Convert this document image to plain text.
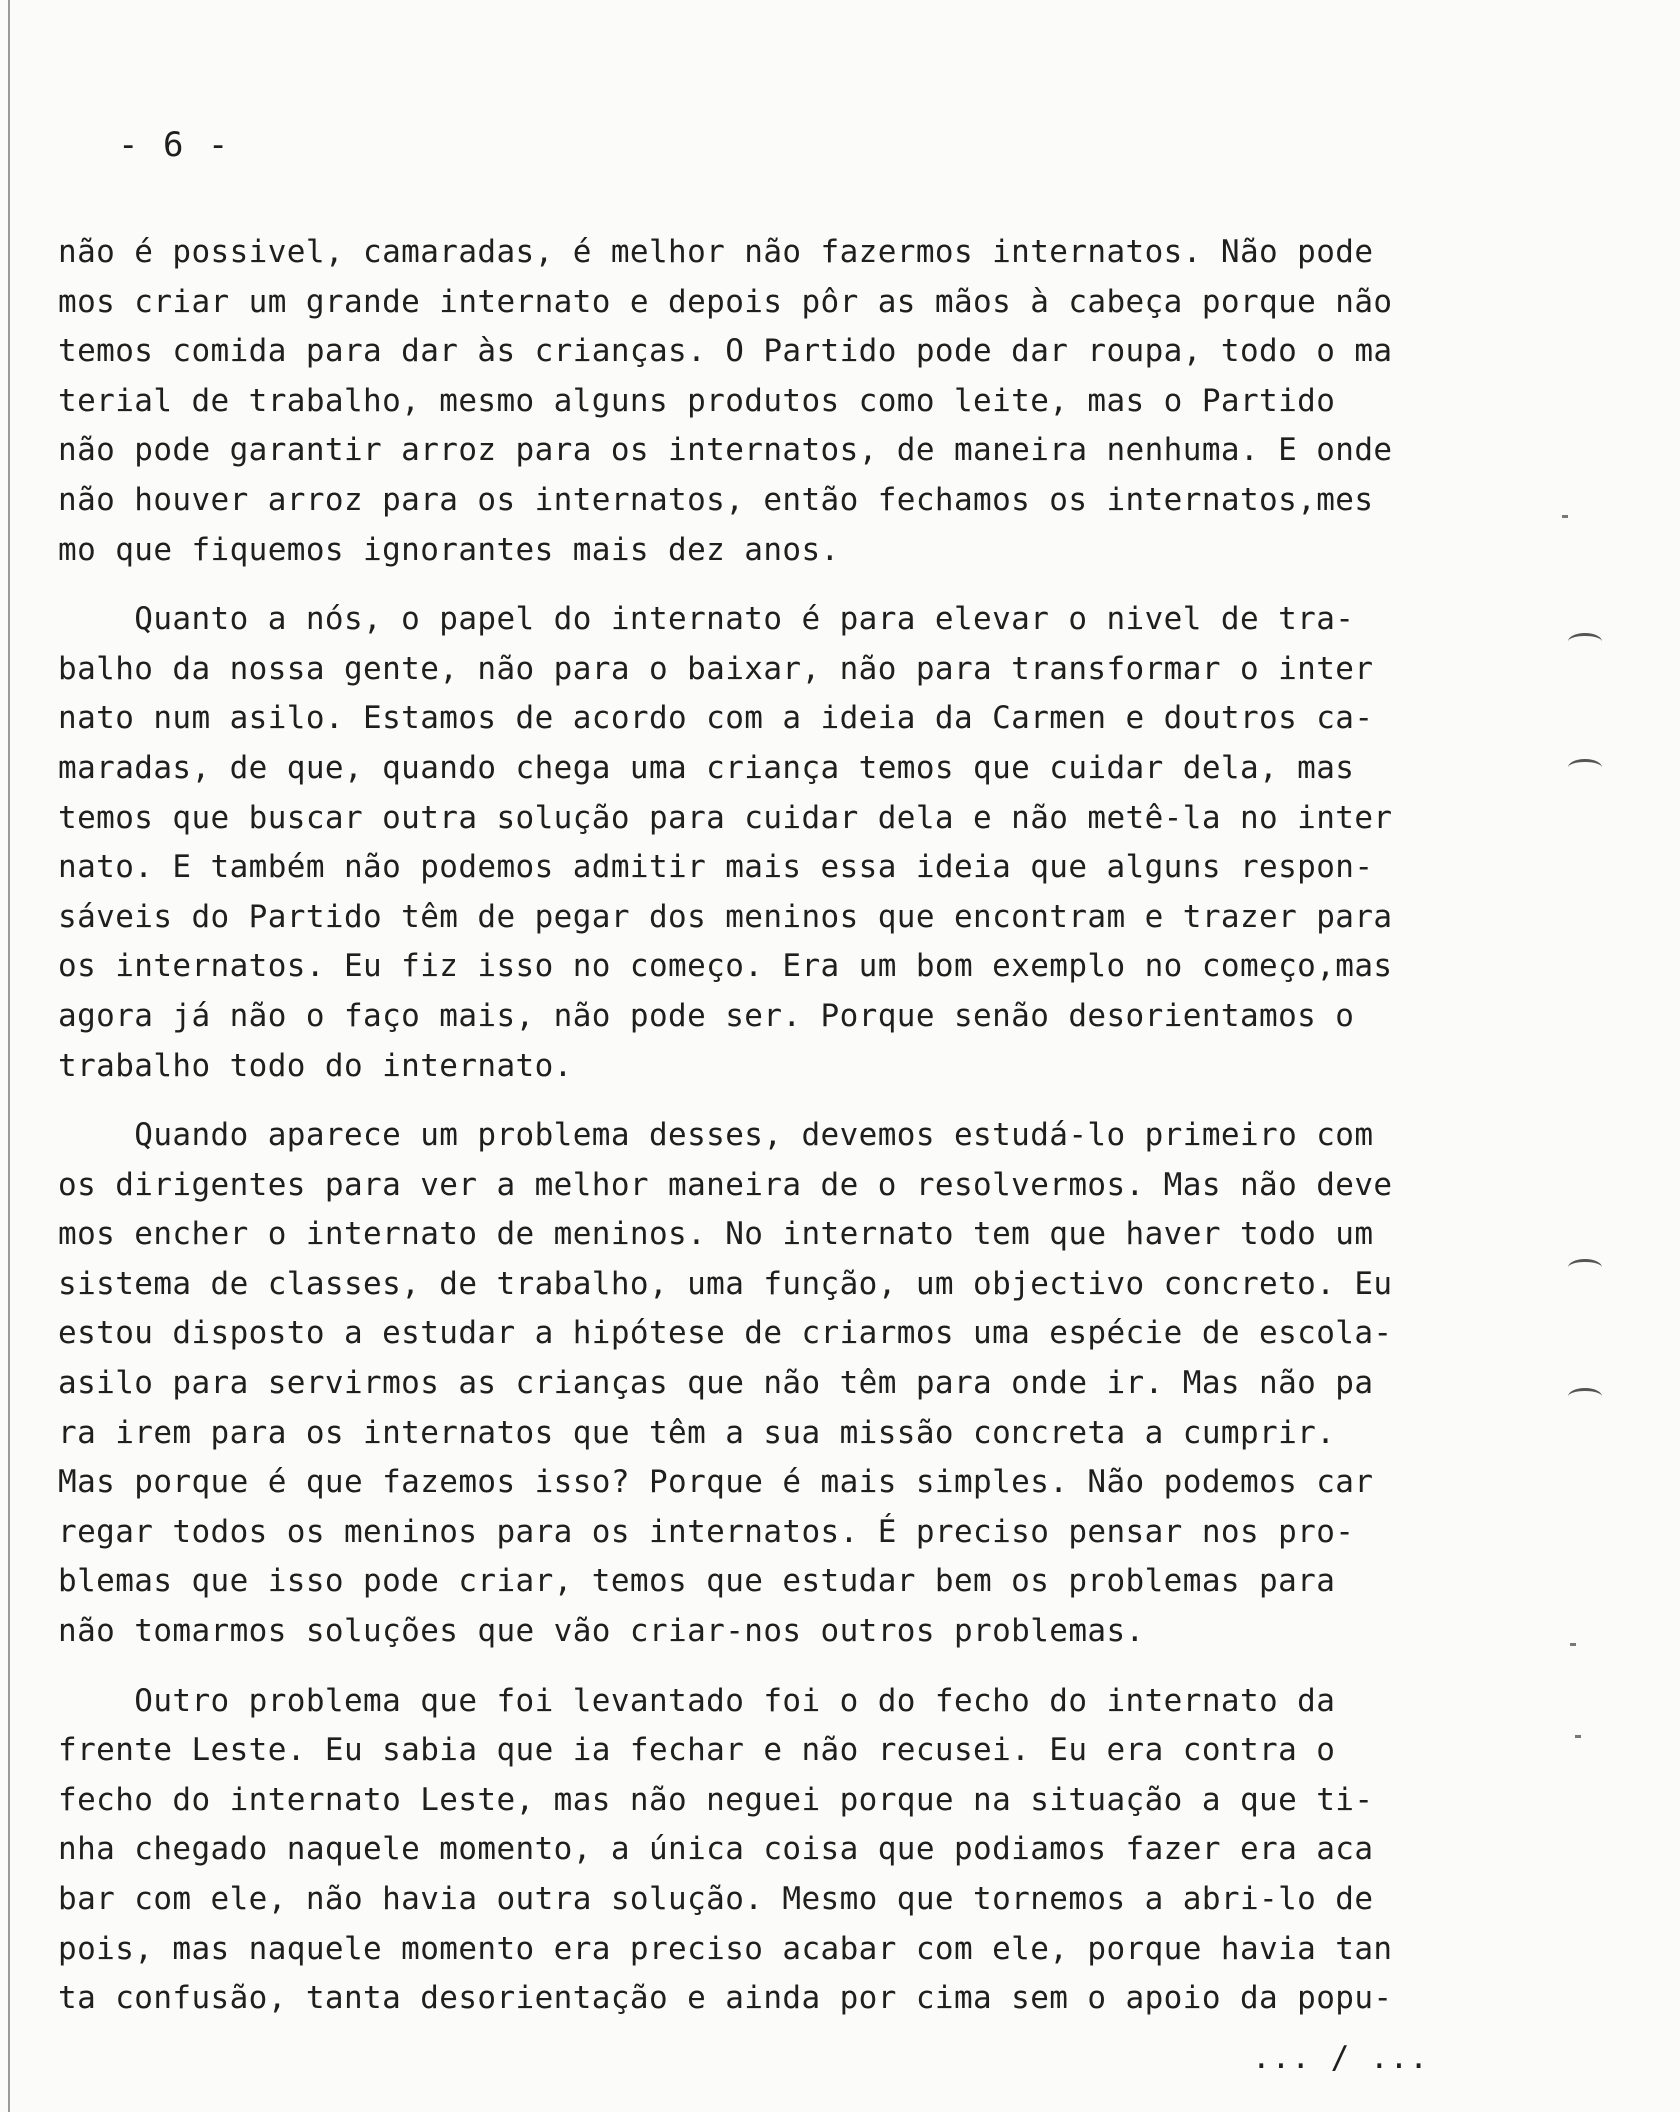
- 6 -
não é possivel, camaradas, é melhor não fazermos internatos. Não pode
mos criar um grande internato e depois pôr as mãos à cabeça porque não
temos comida para dar às crianças. O Partido pode dar roupa, todo o ma
terial de trabalho, mesmo alguns produtos como leite, mas o Partido
não pode garantir arroz para os internatos, de maneira nenhuma. E onde
não houver arroz para os internatos, então fechamos os internatos,mes
mo que fiquemos ignorantes mais dez anos.
Quanto a nós, o papel do internato é para elevar o nivel de tra-
balho da nossa gente, não para o baixar, não para transformar o inter
nato num asilo. Estamos de acordo com a ideia da Carmen e doutros ca-
maradas, de que, quando chega uma criança temos que cuidar dela, mas
temos que buscar outra solução para cuidar dela e não metê-la no inter
nato. E também não podemos admitir mais essa ideia que alguns respon-
sáveis do Partido têm de pegar dos meninos que encontram e trazer para
os internatos. Eu fiz isso no começo. Era um bom exemplo no começo,mas
agora já não o faço mais, não pode ser. Porque senão desorientamos o
trabalho todo do internato.
Quando aparece um problema desses, devemos estudá-lo primeiro com
os dirigentes para ver a melhor maneira de o resolvermos. Mas não deve
mos encher o internato de meninos. No internato tem que haver todo um
sistema de classes, de trabalho, uma função, um objectivo concreto. Eu
estou disposto a estudar a hipótese de criarmos uma espécie de escola-
asilo para servirmos as crianças que não têm para onde ir. Mas não pa
ra irem para os internatos que têm a sua missão concreta a cumprir.
Mas porque é que fazemos isso? Porque é mais simples. Não podemos car
regar todos os meninos para os internatos. É preciso pensar nos pro-
blemas que isso pode criar, temos que estudar bem os problemas para
não tomarmos soluções que vão criar-nos outros problemas.
Outro problema que foi levantado foi o do fecho do internato da
frente Leste. Eu sabia que ia fechar e não recusei. Eu era contra o
fecho do internato Leste, mas não neguei porque na situação a que ti-
nha chegado naquele momento, a única coisa que podiamos fazer era aca
bar com ele, não havia outra solução. Mesmo que tornemos a abri-lo de
pois, mas naquele momento era preciso acabar com ele, porque havia tan
ta confusão, tanta desorientação e ainda por cima sem o apoio da popu-
... / ...
